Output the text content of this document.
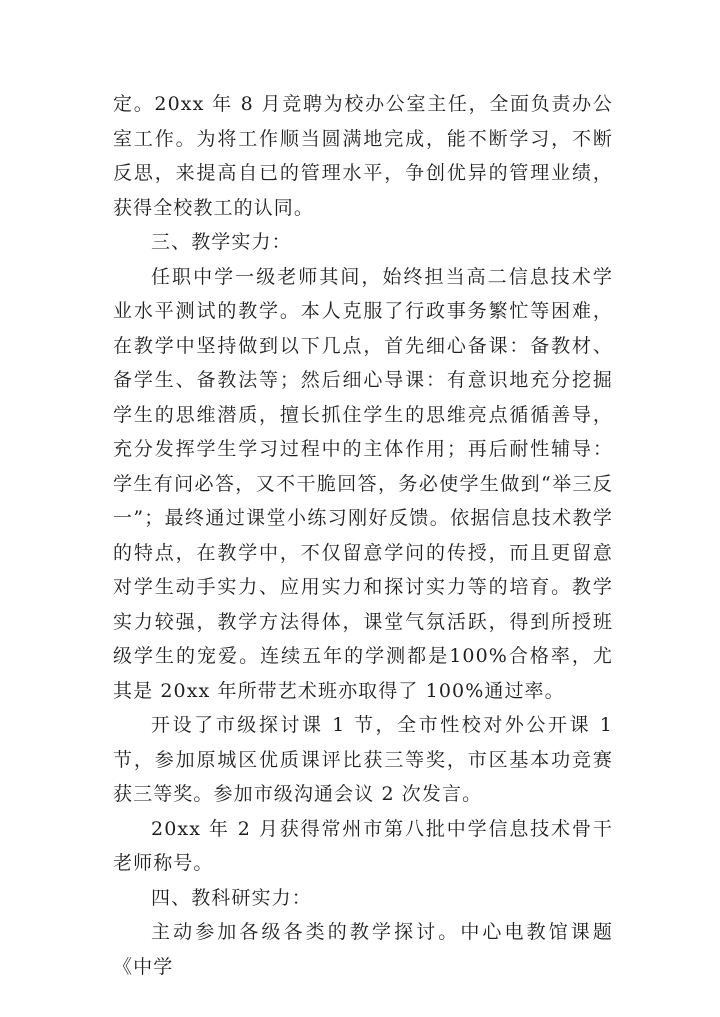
定。20xx 年 8 月竞聘为校办公室主任，全面负责办公室工作。为将工作顺当圆满地完成，能不断学习，不断反思，来提高自已的管理水平，争创优异的管理业绩，获得全校教工的认同。

三、教学实力：

任职中学一级老师其间，始终担当高二信息技术学业水平测试的教学。本人克服了行政事务繁忙等困难，在教学中坚持做到以下几点，首先细心备课：备教材、备学生、备教法等；然后细心导课：有意识地充分挖掘学生的思维潜质，擅长抓住学生的思维亮点循循善导，充分发挥学生学习过程中的主体作用；再后耐性辅导：学生有问必答，又不干脆回答，务必使学生做到“举三反一”；最终通过课堂小练习刚好反馈。依据信息技术教学的特点，在教学中，不仅留意学问的传授，而且更留意对学生动手实力、应用实力和探讨实力等的培育。教学实力较强，教学方法得体，课堂气氛活跃，得到所授班级学生的宠爱。连续五年的学测都是100%合格率，尤其是 20xx 年所带艺术班亦取得了 100%通过率。

开设了市级探讨课 1 节，全市性校对外公开课 1 节，参加原城区优质课评比获三等奖，市区基本功竞赛获三等奖。参加市级沟通会议 2 次发言。

20xx 年 2 月获得常州市第八批中学信息技术骨干老师称号。

四、教科研实力：

主动参加各级各类的教学探讨。中心电教馆课题《中学
